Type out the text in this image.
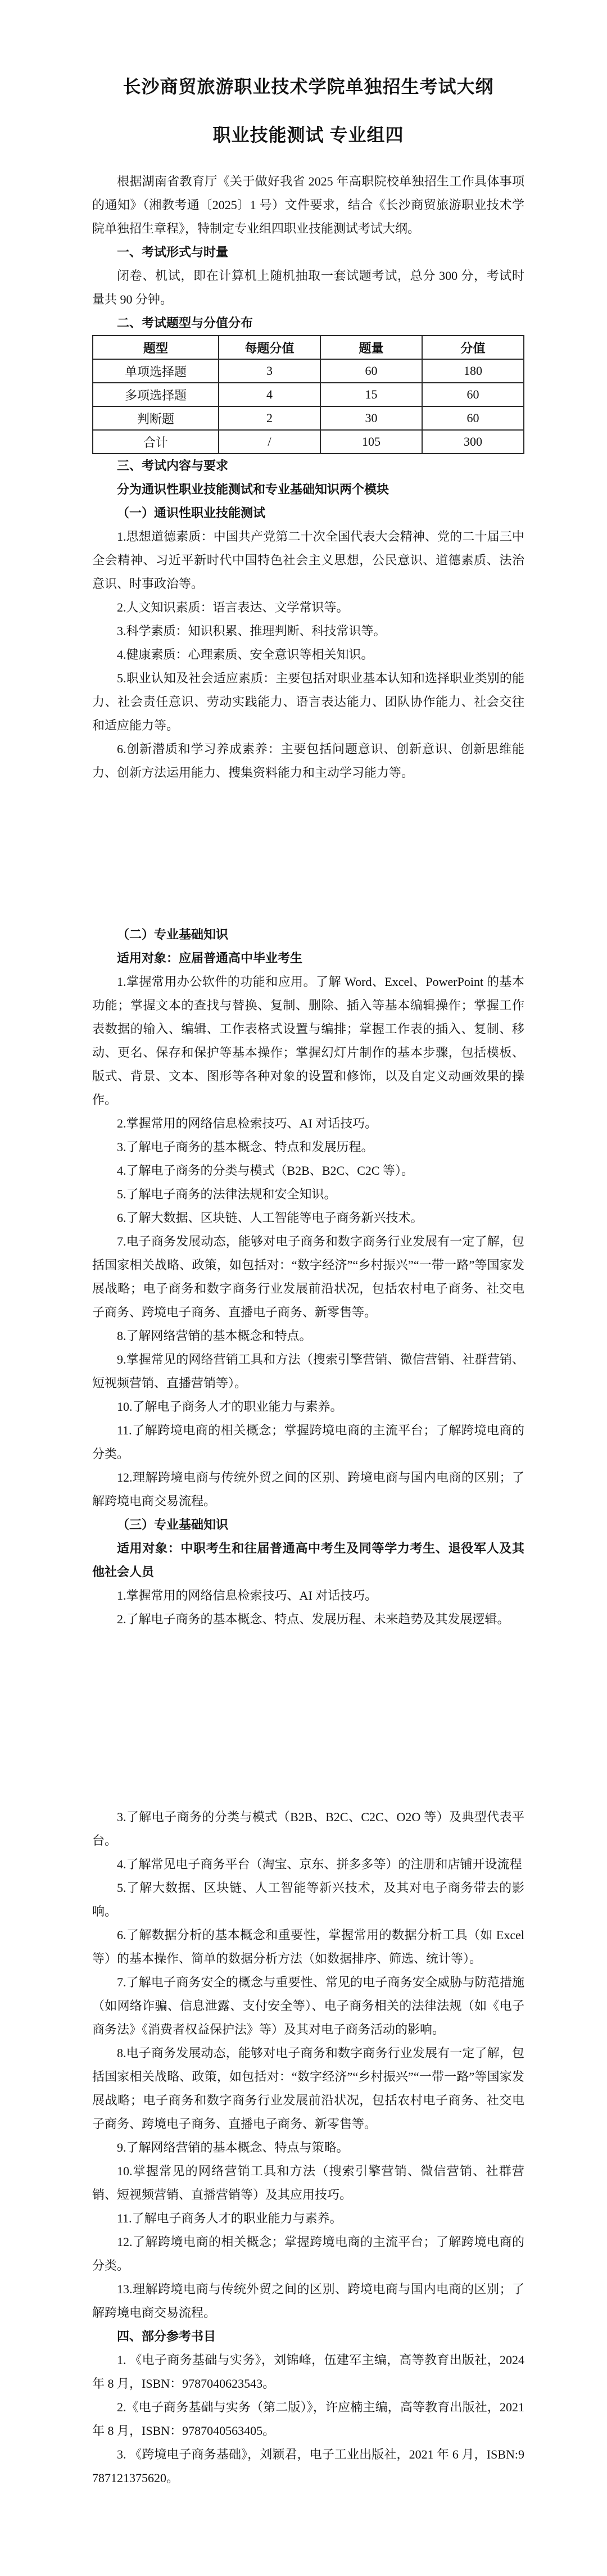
长沙商贸旅游职业技术学院单独招生考试大纲
职业技能测试 专业组四

根据湖南省教育厅《关于做好我省 2025 年高职院校单独招生工作具体事项的通知》（湘教考通〔2025〕1 号）文件要求，结合《长沙商贸旅游职业技术学院单独招生章程》，特制定专业组四职业技能测试考试大纲。

一、考试形式与时量

闭卷、机试，即在计算机上随机抽取一套试题考试，总分 300 分，考试时量共 90 分钟。

二、考试题型与分值分布

题型	每题分值	题量	分值
单项选择题	3	60	180
多项选择题	4	15	60
判断题	2	30	60
合计	/	105	300

三、考试内容与要求

分为通识性职业技能测试和专业基础知识两个模块

（一）通识性职业技能测试

1.思想道德素质：中国共产党第二十次全国代表大会精神、党的二十届三中全会精神、习近平新时代中国特色社会主义思想，公民意识、道德素质、法治意识、时事政治等。

2.人文知识素质：语言表达、文学常识等。

3.科学素质：知识积累、推理判断、科技常识等。

4.健康素质：心理素质、安全意识等相关知识。

5.职业认知及社会适应素质：主要包括对职业基本认知和选择职业类别的能力、社会责任意识、劳动实践能力、语言表达能力、团队协作能力、社会交往和适应能力等。

6.创新潜质和学习养成素养：主要包括问题意识、创新意识、创新思维能力、创新方法运用能力、搜集资料能力和主动学习能力等。

（二）专业基础知识

适用对象：应届普通高中毕业考生

1.掌握常用办公软件的功能和应用。了解 Word、Excel、PowerPoint 的基本功能；掌握文本的查找与替换、复制、删除、插入等基本编辑操作；掌握工作表数据的输入、编辑、工作表格式设置与编排；掌握工作表的插入、复制、移动、更名、保存和保护等基本操作；掌握幻灯片制作的基本步骤，包括模板、版式、背景、文本、图形等各种对象的设置和修饰，以及自定义动画效果的操作。

2.掌握常用的网络信息检索技巧、AI 对话技巧。

3.了解电子商务的基本概念、特点和发展历程。

4.了解电子商务的分类与模式（B2B、B2C、C2C 等）。

5.了解电子商务的法律法规和安全知识。

6.了解大数据、区块链、人工智能等电子商务新兴技术。

7.电子商务发展动态，能够对电子商务和数字商务行业发展有一定了解，包括国家相关战略、政策，如包括对：“数字经济”“乡村振兴”“一带一路”等国家发展战略；电子商务和数字商务行业发展前沿状况，包括农村电子商务、社交电子商务、跨境电子商务、直播电子商务、新零售等。

8.了解网络营销的基本概念和特点。

9.掌握常见的网络营销工具和方法（搜索引擎营销、微信营销、社群营销、短视频营销、直播营销等）。

10.了解电子商务人才的职业能力与素养。

11.了解跨境电商的相关概念；掌握跨境电商的主流平台；了解跨境电商的分类。

12.理解跨境电商与传统外贸之间的区别、跨境电商与国内电商的区别；了解跨境电商交易流程。

（三）专业基础知识

适用对象：中职考生和往届普通高中考生及同等学力考生、退役军人及其他社会人员

1.掌握常用的网络信息检索技巧、AI 对话技巧。

2.了解电子商务的基本概念、特点、发展历程、未来趋势及其发展逻辑。

3.了解电子商务的分类与模式（B2B、B2C、C2C、O2O 等）及典型代表平台。

4.了解常见电子商务平台（淘宝、京东、拼多多等）的注册和店铺开设流程

5.了解大数据、区块链、人工智能等新兴技术，及其对电子商务带去的影响。

6.了解数据分析的基本概念和重要性，掌握常用的数据分析工具（如 Excel 等）的基本操作、简单的数据分析方法（如数据排序、筛选、统计等）。

7.了解电子商务安全的概念与重要性、常见的电子商务安全威胁与防范措施（如网络诈骗、信息泄露、支付安全等）、电子商务相关的法律法规（如《电子商务法》《消费者权益保护法》等）及其对电子商务活动的影响。

8.电子商务发展动态，能够对电子商务和数字商务行业发展有一定了解，包括国家相关战略、政策，如包括对：“数字经济”“乡村振兴”“一带一路”等国家发展战略；电子商务和数字商务行业发展前沿状况，包括农村电子商务、社交电子商务、跨境电子商务、直播电子商务、新零售等。

9.了解网络营销的基本概念、特点与策略。

10.掌握常见的网络营销工具和方法（搜索引擎营销、微信营销、社群营销、短视频营销、直播营销等）及其应用技巧。

11.了解电子商务人才的职业能力与素养。

12.了解跨境电商的相关概念；掌握跨境电商的主流平台；了解跨境电商的分类。

13.理解跨境电商与传统外贸之间的区别、跨境电商与国内电商的区别；了解跨境电商交易流程。

四、部分参考书目

1. 《电子商务基础与实务》，刘锦峰，伍建军主编，高等教育出版社，2024 年 8 月，ISBN：9787040623543。

2.《电子商务基础与实务（第二版）》，许应楠主编，高等教育出版社，2021 年 8 月，ISBN：9787040563405。

3. 《跨境电子商务基础》，刘颖君，电子工业出版社，2021 年 6 月，ISBN:9787121375620。
